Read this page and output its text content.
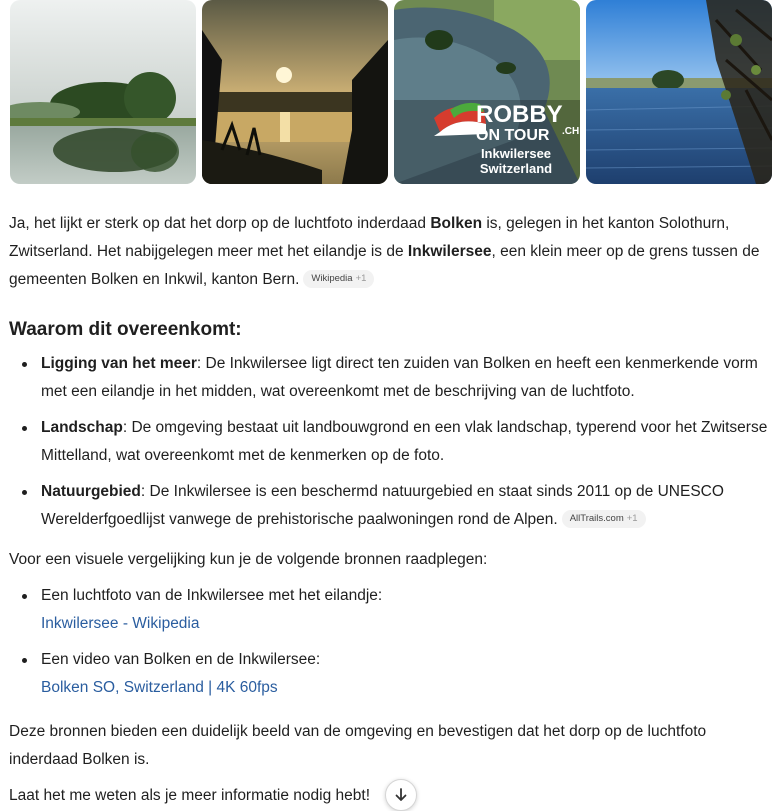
ROBBY
ON TOUR .CH
Inkwilersee
Switzerland

Ja, het lijkt er sterk op dat het dorp op de luchtfoto inderdaad Bolken is, gelegen in het kanton Solothurn, Zwitserland. Het nabijgelegen meer met het eilandje is de Inkwilersee, een klein meer op de grens tussen de gemeenten Bolken en Inkwil, kanton Bern. Wikipedia +1

Waarom dit overeenkomt:
Ligging van het meer: De Inkwilersee ligt direct ten zuiden van Bolken en heeft een kenmerkende vorm met een eilandje in het midden, wat overeenkomt met de beschrijving van de luchtfoto.
Landschap: De omgeving bestaat uit landbouwgrond en een vlak landschap, typerend voor het Zwitserse Mittelland, wat overeenkomt met de kenmerken op de foto.
Natuurgebied: De Inkwilersee is een beschermd natuurgebied en staat sinds 2011 op de UNESCO Werelderfgoedlijst vanwege de prehistorische paalwoningen rond de Alpen. AllTrails.com +1

Voor een visuele vergelijking kun je de volgende bronnen raadplegen:

Een luchtfoto van de Inkwilersee met het eilandje:
Inkwilersee - Wikipedia
Een video van Bolken en de Inkwilersee:
Bolken SO, Switzerland | 4K 60fps

Deze bronnen bieden een duidelijk beeld van de omgeving en bevestigen dat het dorp op de luchtfoto inderdaad Bolken is.

Laat het me weten als je meer informatie nodig hebt!
